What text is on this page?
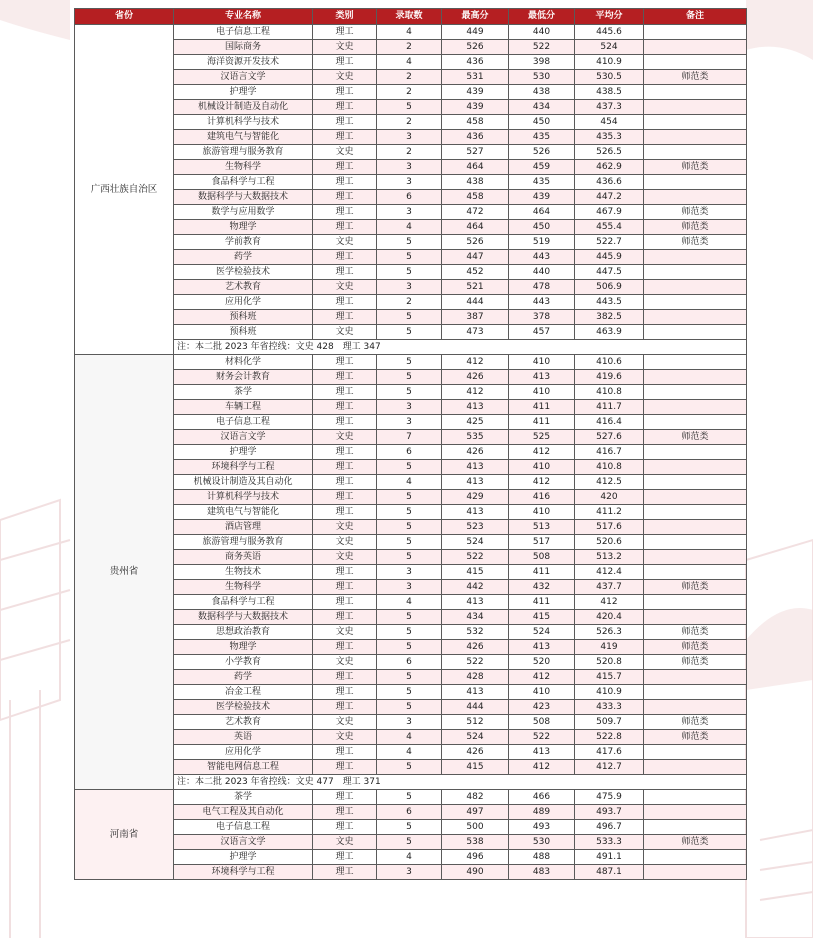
省份	专业名称	类别	录取数	最高分	最低分	平均分	备注
广西壮族自治区	电子信息工程	理工	4	449	440	445.6	
	国际商务	文史	2	526	522	524	
	海洋资源开发技术	理工	4	436	398	410.9	
	汉语言文学	文史	2	531	530	530.5	师范类
	护理学	理工	2	439	438	438.5	
	机械设计制造及自动化	理工	5	439	434	437.3	
	计算机科学与技术	理工	2	458	450	454	
	建筑电气与智能化	理工	3	436	435	435.3	
	旅游管理与服务教育	文史	2	527	526	526.5	
	生物科学	理工	3	464	459	462.9	师范类
	食品科学与工程	理工	3	438	435	436.6	
	数据科学与大数据技术	理工	6	458	439	447.2	
	数学与应用数学	理工	3	472	464	467.9	师范类
	物理学	理工	4	464	450	455.4	师范类
	学前教育	文史	5	526	519	522.7	师范类
	药学	理工	5	447	443	445.9	
	医学检验技术	理工	5	452	440	447.5	
	艺术教育	文史	3	521	478	506.9	
	应用化学	理工	2	444	443	443.5	
	预科班	理工	5	387	378	382.5	
	预科班	文史	5	473	457	463.9	
	注：本二批 2023 年省控线：文史 428　理工 347						
贵州省	材料化学	理工	5	412	410	410.6	
	财务会计教育	理工	5	426	413	419.6	
	茶学	理工	5	412	410	410.8	
	车辆工程	理工	3	413	411	411.7	
	电子信息工程	理工	3	425	411	416.4	
	汉语言文学	文史	7	535	525	527.6	师范类
	护理学	理工	6	426	412	416.7	
	环境科学与工程	理工	5	413	410	410.8	
	机械设计制造及其自动化	理工	4	413	412	412.5	
	计算机科学与技术	理工	5	429	416	420	
	建筑电气与智能化	理工	5	413	410	411.2	
	酒店管理	文史	5	523	513	517.6	
	旅游管理与服务教育	文史	5	524	517	520.6	
	商务英语	文史	5	522	508	513.2	
	生物技术	理工	3	415	411	412.4	
	生物科学	理工	3	442	432	437.7	师范类
	食品科学与工程	理工	4	413	411	412	
	数据科学与大数据技术	理工	5	434	415	420.4	
	思想政治教育	文史	5	532	524	526.3	师范类
	物理学	理工	5	426	413	419	师范类
	小学教育	文史	6	522	520	520.8	师范类
	药学	理工	5	428	412	415.7	
	冶金工程	理工	5	413	410	410.9	
	医学检验技术	理工	5	444	423	433.3	
	艺术教育	文史	3	512	508	509.7	师范类
	英语	文史	4	524	522	522.8	师范类
	应用化学	理工	4	426	413	417.6	
	智能电网信息工程	理工	5	415	412	412.7	
	注：本二批 2023 年省控线：文史 477　理工 371						
河南省	茶学	理工	5	482	466	475.9	
	电气工程及其自动化	理工	6	497	489	493.7	
	电子信息工程	理工	5	500	493	496.7	
	汉语言文学	文史	5	538	530	533.3	师范类
	护理学	理工	4	496	488	491.1	
	环境科学与工程	理工	3	490	483	487.1	
